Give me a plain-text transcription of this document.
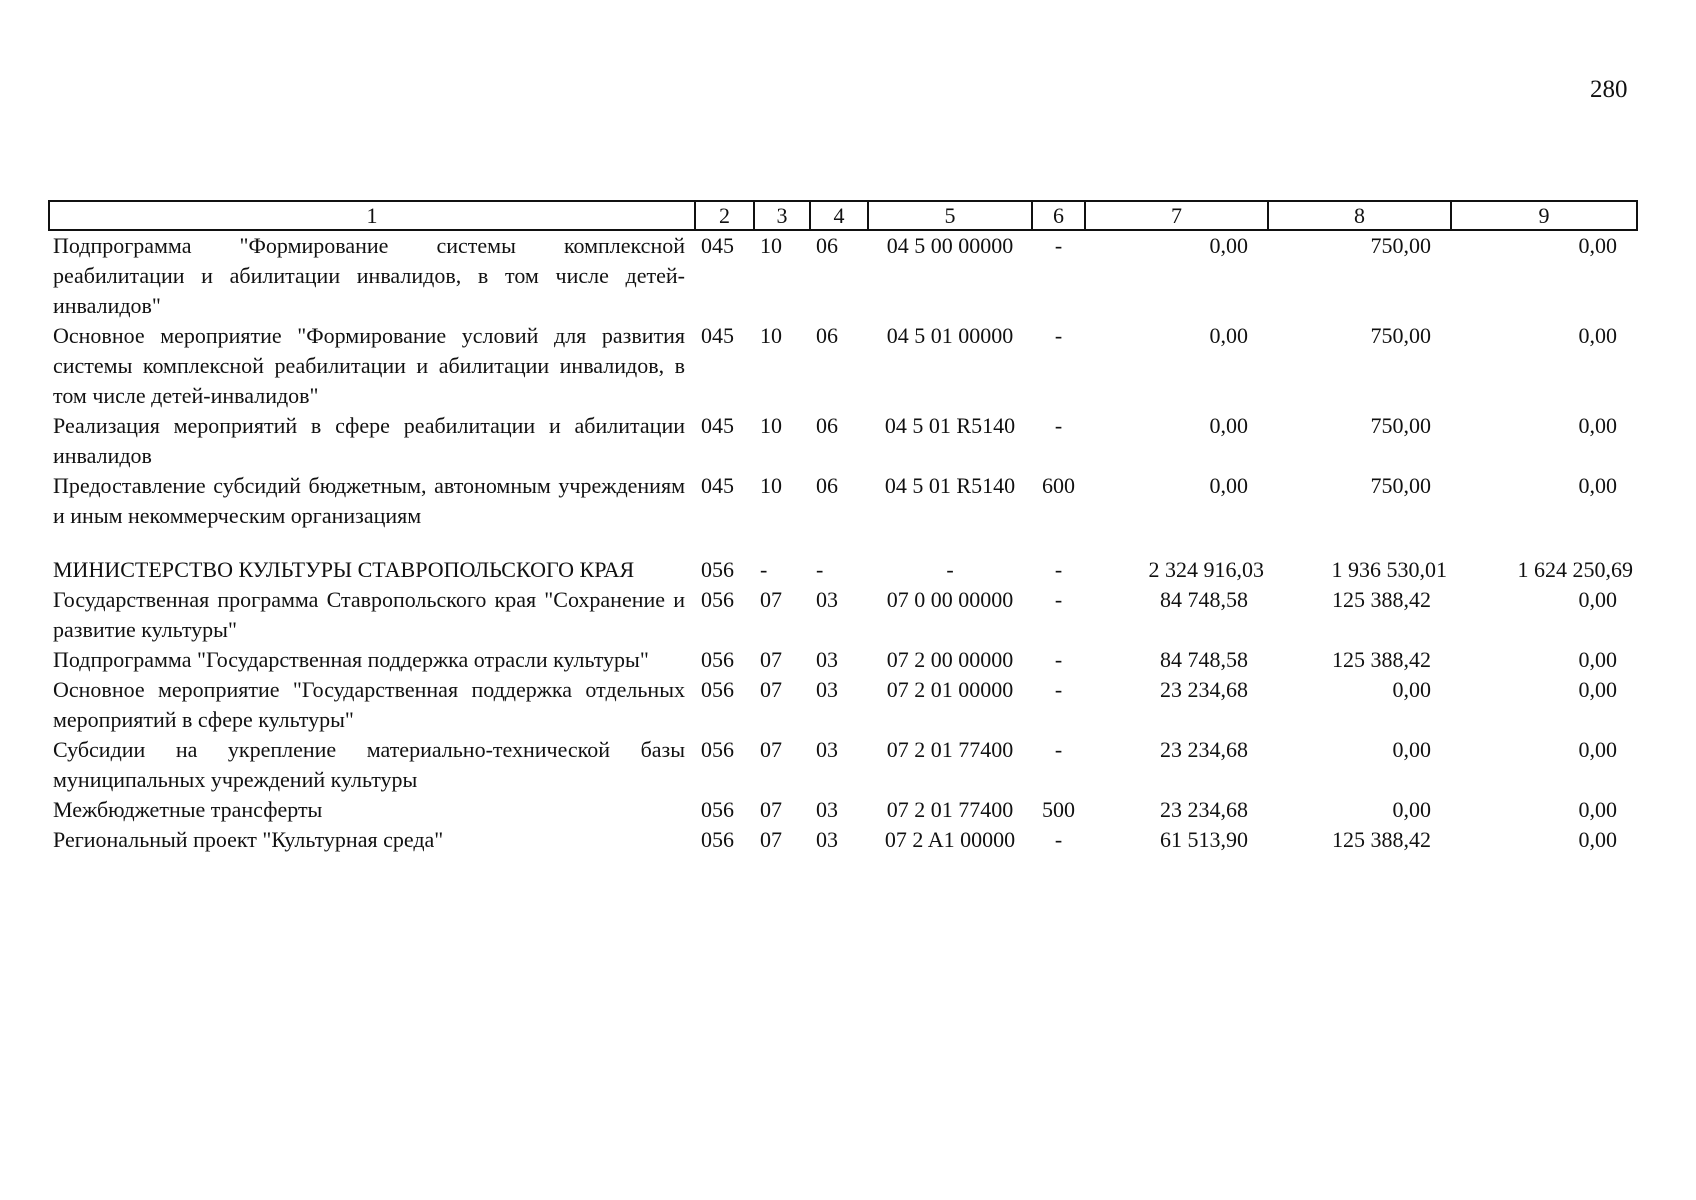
280
1	2	3	4	5	6	7	8	9
Подпрограмма "Формирование системы комплексной реабилитации и абилитации инвалидов, в том числе детей-инвалидов"	045	10	06	04 5 00 00000	-	0,00	750,00	0,00
Основное мероприятие "Формирование условий для развития системы комплексной реабилитации и абилитации инвалидов, в том числе детей-инвалидов"	045	10	06	04 5 01 00000	-	0,00	750,00	0,00
Реализация мероприятий в сфере реабилитации и абилитации инвалидов	045	10	06	04 5 01 R5140	-	0,00	750,00	0,00
Предоставление субсидий бюджетным, автономным учреждениям и иным некоммерческим организациям	045	10	06	04 5 01 R5140	600	0,00	750,00	0,00

МИНИСТЕРСТВО КУЛЬТУРЫ СТАВРОПОЛЬСКОГО КРАЯ	056	-	-	-	-	2 324 916,03	1 936 530,01	1 624 250,69
Государственная программа Ставропольского края "Сохранение и развитие культуры"	056	07	03	07 0 00 00000	-	84 748,58	125 388,42	0,00
Подпрограмма "Государственная поддержка отрасли культуры"	056	07	03	07 2 00 00000	-	84 748,58	125 388,42	0,00
Основное мероприятие "Государственная поддержка отдельных мероприятий в сфере культуры"	056	07	03	07 2 01 00000	-	23 234,68	0,00	0,00
Субсидии на укрепление материально-технической базы муниципальных учреждений культуры	056	07	03	07 2 01 77400	-	23 234,68	0,00	0,00
Межбюджетные трансферты	056	07	03	07 2 01 77400	500	23 234,68	0,00	0,00
Региональный проект "Культурная среда"	056	07	03	07 2 A1 00000	-	61 513,90	125 388,42	0,00
